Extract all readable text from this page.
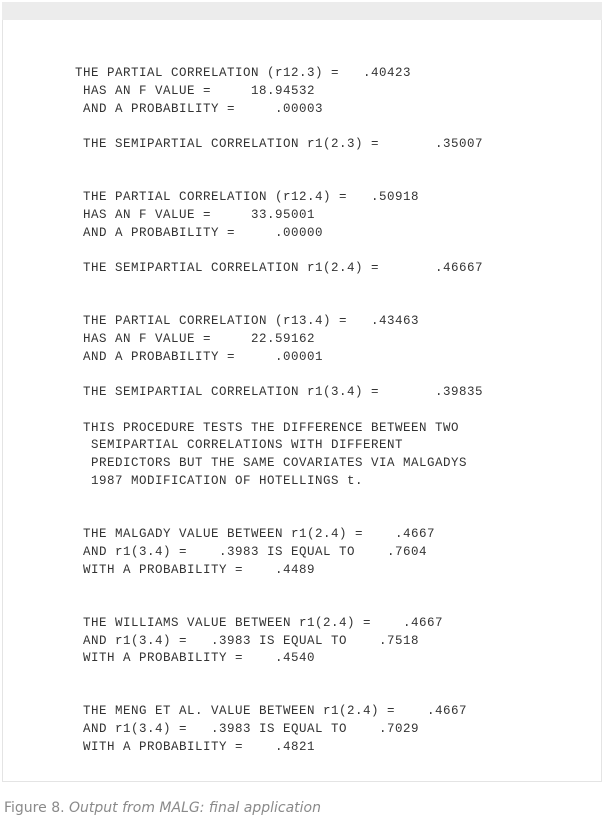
THE PARTIAL CORRELATION (r12.3) =   .40423
HAS AN F VALUE =     18.94532
AND A PROBABILITY =     .00003
THE SEMIPARTIAL CORRELATION r1(2.3) =       .35007
THE PARTIAL CORRELATION (r12.4) =   .50918
HAS AN F VALUE =     33.95001
AND A PROBABILITY =     .00000
THE SEMIPARTIAL CORRELATION r1(2.4) =       .46667
THE PARTIAL CORRELATION (r13.4) =   .43463
HAS AN F VALUE =     22.59162
AND A PROBABILITY =     .00001
THE SEMIPARTIAL CORRELATION r1(3.4) =       .39835
THIS PROCEDURE TESTS THE DIFFERENCE BETWEEN TWO
SEMIPARTIAL CORRELATIONS WITH DIFFERENT
PREDICTORS BUT THE SAME COVARIATES VIA MALGADYS
1987 MODIFICATION OF HOTELLINGS t.
THE MALGADY VALUE BETWEEN r1(2.4) =    .4667
AND r1(3.4) =    .3983 IS EQUAL TO    .7604
WITH A PROBABILITY =    .4489
THE WILLIAMS VALUE BETWEEN r1(2.4) =    .4667
AND r1(3.4) =   .3983 IS EQUAL TO    .7518
WITH A PROBABILITY =    .4540
THE MENG ET AL. VALUE BETWEEN r1(2.4) =    .4667
AND r1(3.4) =   .3983 IS EQUAL TO    .7029
WITH A PROBABILITY =    .4821
Figure 8. Output from MALG: final application
